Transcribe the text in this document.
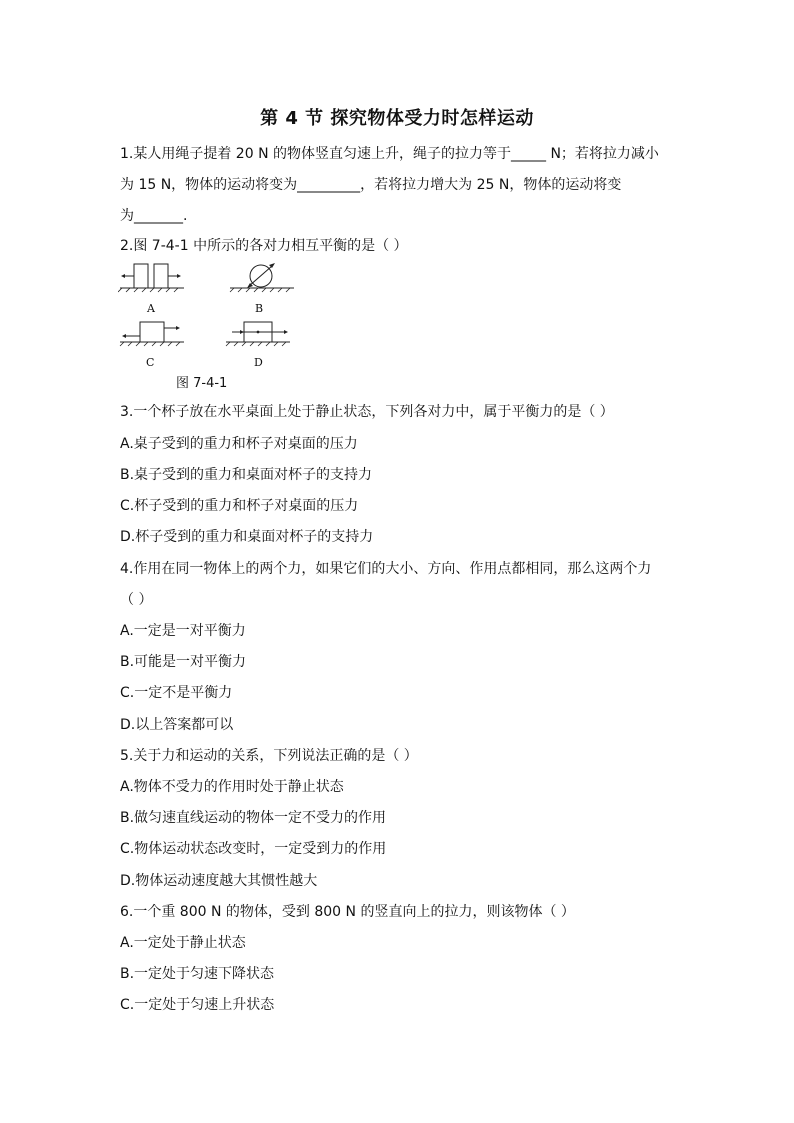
第 4 节 探究物体受力时怎样运动
1.某人用绳子提着 20 N 的物体竖直匀速上升，绳子的拉力等于_____ N；若将拉力减小
为 15 N，物体的运动将变为_________，若将拉力增大为 25 N，物体的运动将变
为_______.
2.图 7-4-1 中所示的各对力相互平衡的是（ ）
A	B
C	D
图 7-4-1
3.一个杯子放在水平桌面上处于静止状态，下列各对力中，属于平衡力的是（ ）
A.桌子受到的重力和杯子对桌面的压力
B.桌子受到的重力和桌面对杯子的支持力
C.杯子受到的重力和杯子对桌面的压力
D.杯子受到的重力和桌面对杯子的支持力
4.作用在同一物体上的两个力，如果它们的大小、方向、作用点都相同，那么这两个力
（ ）
A.一定是一对平衡力
B.可能是一对平衡力
C.一定不是平衡力
D.以上答案都可以
5.关于力和运动的关系，下列说法正确的是（ ）
A.物体不受力的作用时处于静止状态
B.做匀速直线运动的物体一定不受力的作用
C.物体运动状态改变时，一定受到力的作用
D.物体运动速度越大其惯性越大
6.一个重 800 N 的物体，受到 800 N 的竖直向上的拉力，则该物体（ ）
A.一定处于静止状态
B.一定处于匀速下降状态
C.一定处于匀速上升状态
